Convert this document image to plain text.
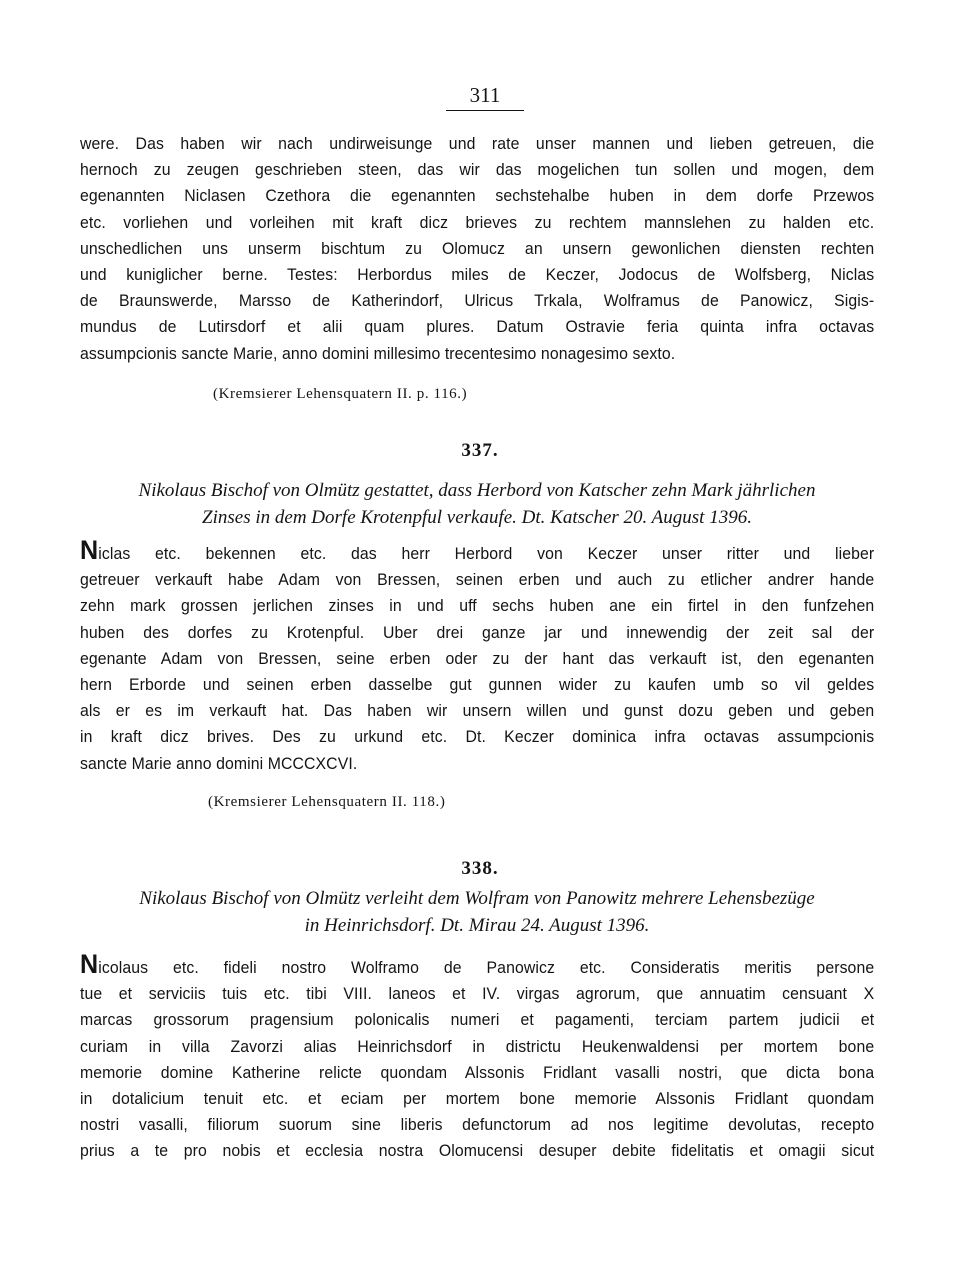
311
were. Das haben wir nach undirweisunge und rate unser mannen und lieben getreuen, die
hernoch zu zeugen geschrieben steen, das wir das mogelichen tun sollen und mogen, dem
egenannten Niclasen Czethora die egenannten sechstehalbe huben in dem dorfe Przewos
etc. vorliehen und vorleihen mit kraft dicz brieves zu rechtem mannslehen zu halden etc.
unschedlichen uns unserm bischtum zu Olomucz an unsern gewonlichen diensten rechten
und kuniglicher berne. Testes: Herbordus miles de Keczer, Jodocus de Wolfsberg, Niclas
de Braunswerde, Marsso de Katherindorf, Ulricus Trkala, Wolframus de Panowicz, Sigis-
mundus de Lutirsdorf et alii quam plures. Datum Ostravie feria quinta infra octavas
assumpcionis sancte Marie, anno domini millesimo trecentesimo nonagesimo sexto.
(Kremsierer Lehensquatern II. p. 116.)
337.
Nikolaus Bischof von Olmütz gestattet, dass Herbord von Katscher zehn Mark jährlichen
Zinses in dem Dorfe Krotenpful verkaufe. Dt. Katscher 20. August 1396.
Niclas etc. bekennen etc. das herr Herbord von Keczer unser ritter und lieber
getreuer verkauft habe Adam von Bressen, seinen erben und auch zu etlicher andrer hande
zehn mark grossen jerlichen zinses in und uff sechs huben ane ein firtel in den funfzehen
huben des dorfes zu Krotenpful. Uber drei ganze jar und innewendig der zeit sal der
egenante Adam von Bressen, seine erben oder zu der hant das verkauft ist, den egenanten
hern Erborde und seinen erben dasselbe gut gunnen wider zu kaufen umb so vil geldes
als er es im verkauft hat. Das haben wir unsern willen und gunst dozu geben und geben
in kraft dicz brives. Des zu urkund etc. Dt. Keczer dominica infra octavas assumpcionis
sancte Marie anno domini MCCCXCVI.
(Kremsierer Lehensquatern II. 118.)
338.
Nikolaus Bischof von Olmütz verleiht dem Wolfram von Panowitz mehrere Lehensbezüge
in Heinrichsdorf. Dt. Mirau 24. August 1396.
Nicolaus etc. fideli nostro Wolframo de Panowicz etc. Consideratis meritis persone
tue et serviciis tuis etc. tibi VIII. laneos et IV. virgas agrorum, que annuatim censuant X
marcas grossorum pragensium polonicalis numeri et pagamenti, terciam partem judicii et
curiam in villa Zavorzi alias Heinrichsdorf in districtu Heukenwaldensi per mortem bone
memorie domine Katherine relicte quondam Alssonis Fridlant vasalli nostri, que dicta bona
in dotalicium tenuit etc. et eciam per mortem bone memorie Alssonis Fridlant quondam
nostri vasalli, filiorum suorum sine liberis defunctorum ad nos legitime devolutas, recepto
prius a te pro nobis et ecclesia nostra Olomucensi desuper debite fidelitatis et omagii sicut
